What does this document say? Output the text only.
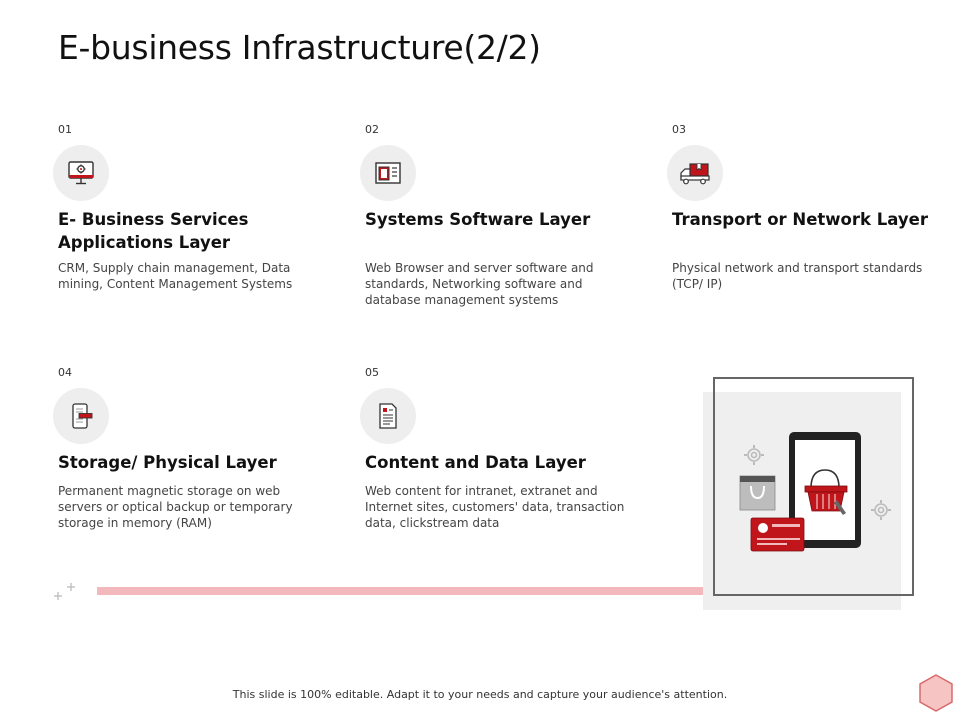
E-business Infrastructure(2/2)
01
E- Business Services Applications Layer
CRM, Supply chain management, Data mining, Content Management Systems
02
Systems Software Layer
Web Browser and server software and standards, Networking software and database management systems
03
Transport or Network Layer
Physical network and transport standards (TCP/ IP)
04
Storage/ Physical Layer
Permanent magnetic storage on web servers or optical backup or temporary storage in memory (RAM)
05
Content and Data Layer
Web content for intranet, extranet and Internet sites, customers' data, transaction data, clickstream data
This slide is 100% editable. Adapt it to your needs and capture your audience's attention.
